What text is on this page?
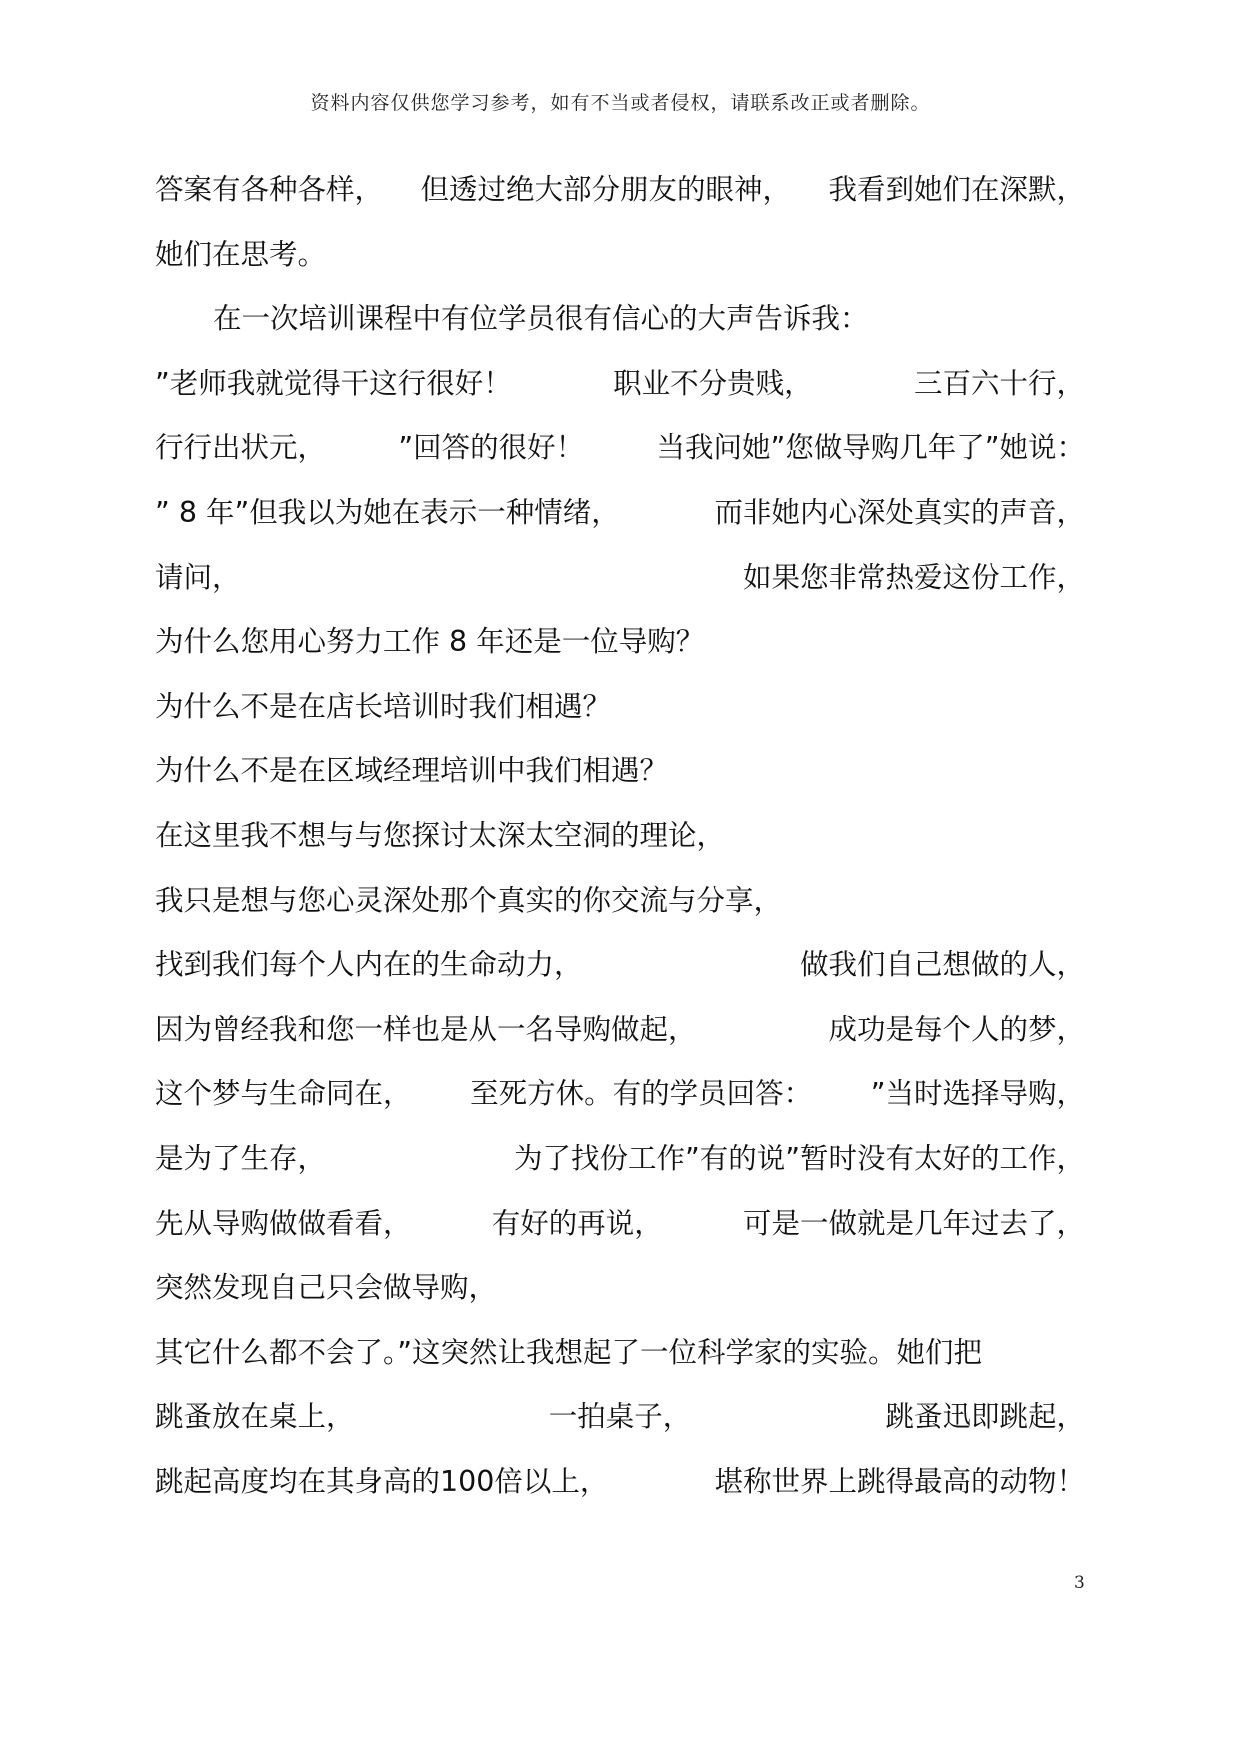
资料内容仅供您学习参考，如有不当或者侵权，请联系改正或者删除。
答案有各种各样， 但透过绝大部分朋友的眼神， 我看到她们在深默，
她们在思考。
在一次培训课程中有位学员很有信心的大声告诉我：
”老师我就觉得干这行很好！	职业不分贵贱，	三百六十行，
行行出状元，	”回答的很好！	当我问她”您做导购几年了”她说：
” 8 年”但我以为她在表示一种情绪，	而非她内心深处真实的声音，
请问，	如果您非常热爱这份工作，
为什么您用心努力工作 8 年还是一位导购？
为什么不是在店长培训时我们相遇？
为什么不是在区域经理培训中我们相遇？
在这里我不想与与您探讨太深太空洞的理论，
我只是想与您心灵深处那个真实的你交流与分享，
找到我们每个人内在的生命动力，	做我们自己想做的人，
因为曾经我和您一样也是从一名导购做起，	成功是每个人的梦，
这个梦与生命同在， 至死方休。有的学员回答： ”当时选择导购，
是为了生存，	为了找份工作”有的说”暂时没有太好的工作，
先从导购做做看看，	有好的再说，	可是一做就是几年过去了，
突然发现自己只会做导购，
其它什么都不会了。”这突然让我想起了一位科学家的实验。她们把
跳蚤放在桌上，	一拍桌子，	跳蚤迅即跳起，
跳起高度均在其身高的100倍以上，	堪称世界上跳得最高的动物！
3
